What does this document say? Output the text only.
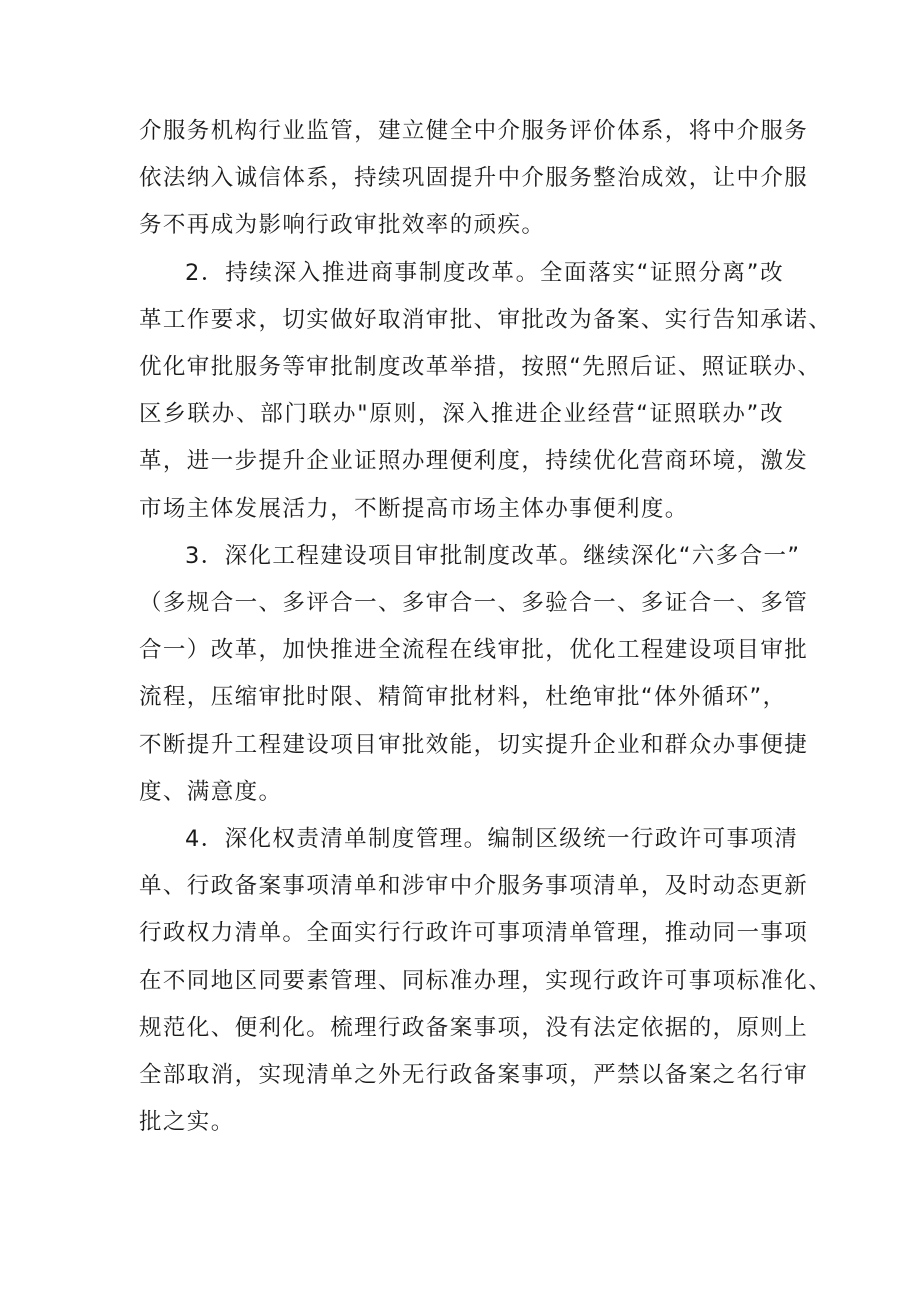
介服务机构行业监管，建立健全中介服务评价体系，将中介服务
依法纳入诚信体系，持续巩固提升中介服务整治成效，让中介服
务不再成为影响行政审批效率的顽疾。

2．持续深入推进商事制度改革。全面落实“证照分离”改
革工作要求，切实做好取消审批、审批改为备案、实行告知承诺、
优化审批服务等审批制度改革举措，按照“先照后证、照证联办、
区乡联办、部门联办"原则，深入推进企业经营“证照联办”改
革，进一步提升企业证照办理便利度，持续优化营商环境，激发
市场主体发展活力，不断提高市场主体办事便利度。

3．深化工程建设项目审批制度改革。继续深化“六多合一”
（多规合一、多评合一、多审合一、多验合一、多证合一、多管
合一）改革，加快推进全流程在线审批，优化工程建设项目审批
流程，压缩审批时限、精简审批材料，杜绝审批“体外循环”，
不断提升工程建设项目审批效能，切实提升企业和群众办事便捷
度、满意度。

4．深化权责清单制度管理。编制区级统一行政许可事项清
单、行政备案事项清单和涉审中介服务事项清单，及时动态更新
行政权力清单。全面实行行政许可事项清单管理，推动同一事项
在不同地区同要素管理、同标准办理，实现行政许可事项标准化、
规范化、便利化。梳理行政备案事项，没有法定依据的，原则上
全部取消，实现清单之外无行政备案事项，严禁以备案之名行审
批之实。
